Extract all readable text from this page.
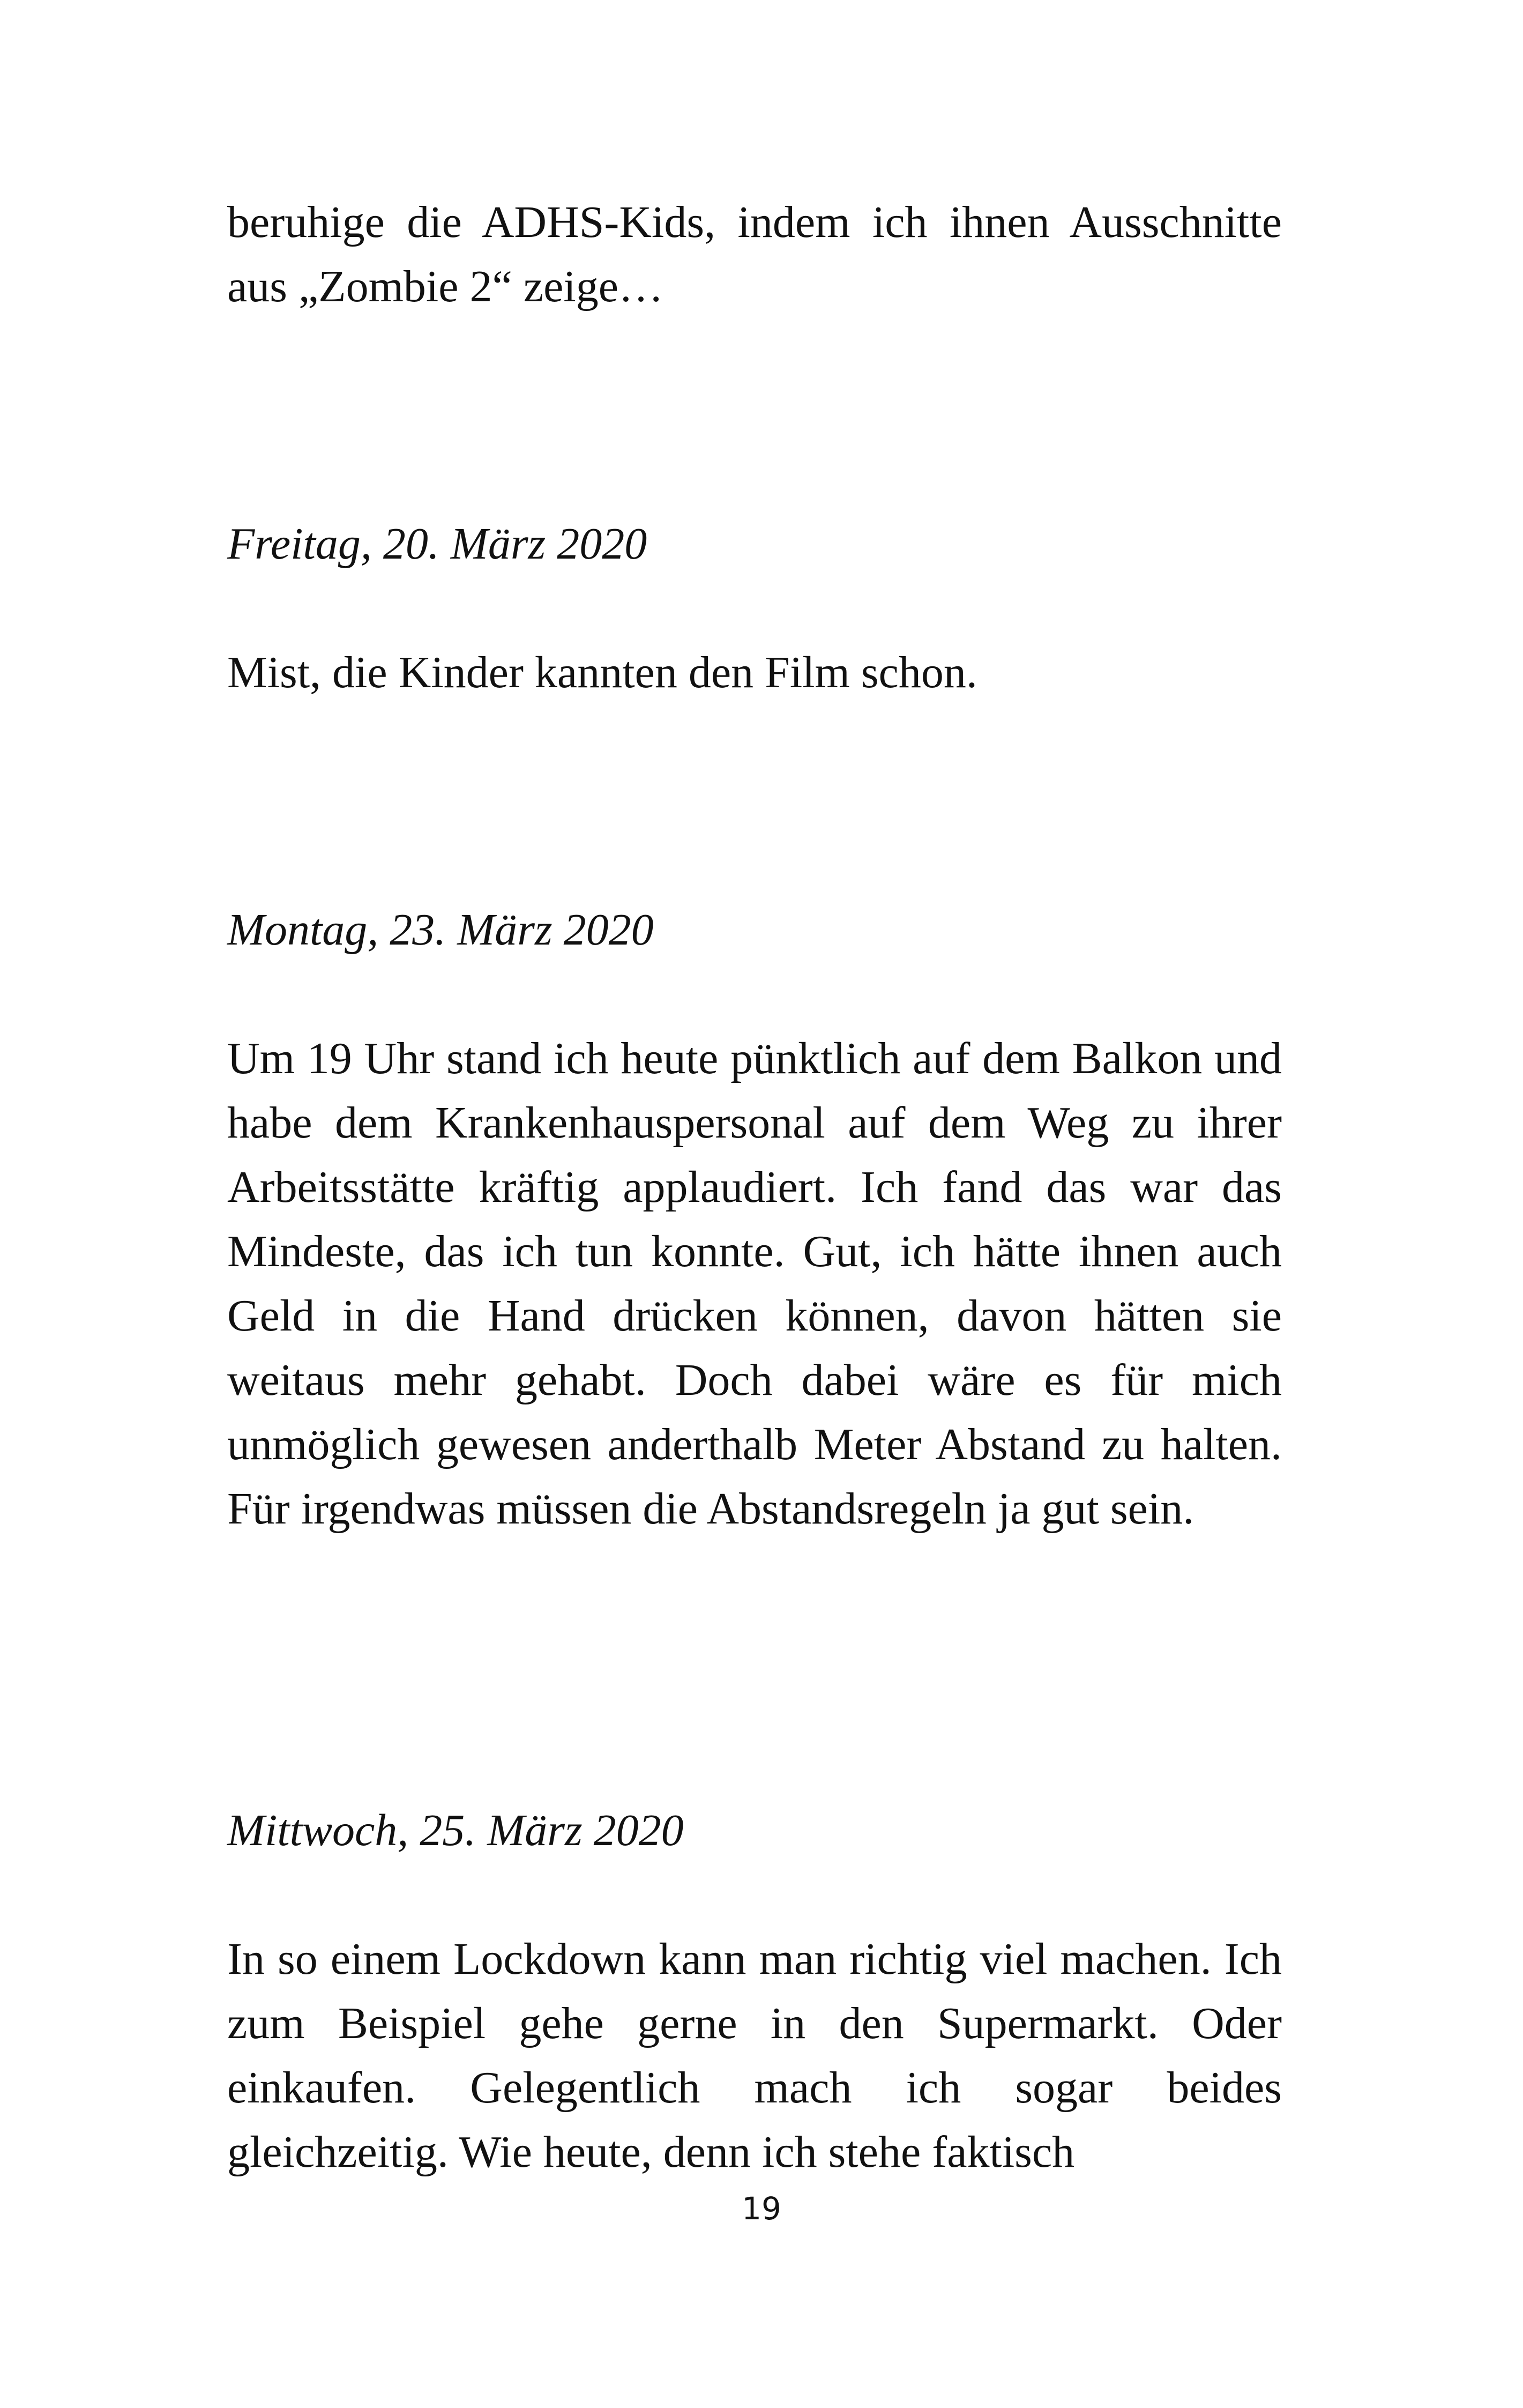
beruhige die ADHS-Kids, indem ich ihnen Ausschnitte aus „Zombie 2“ zeige…

Freitag, 20. März 2020

Mist, die Kinder kannten den Film schon.

Montag, 23. März 2020

Um 19 Uhr stand ich heute pünktlich auf dem Balkon und habe dem Krankenhauspersonal auf dem Weg zu ihrer Arbeitsstätte kräftig applaudiert. Ich fand das war das Mindeste, das ich tun konnte. Gut, ich hätte ihnen auch Geld in die Hand drücken können, davon hätten sie weitaus mehr gehabt. Doch dabei wäre es für mich unmöglich gewesen anderthalb Meter Abstand zu halten. Für irgendwas müssen die Abstandsregeln ja gut sein.

Mittwoch, 25. März 2020

In so einem Lockdown kann man richtig viel machen. Ich zum Beispiel gehe gerne in den Supermarkt. Oder einkaufen. Gelegentlich mach ich sogar beides gleichzeitig. Wie heute, denn ich stehe faktisch

19
